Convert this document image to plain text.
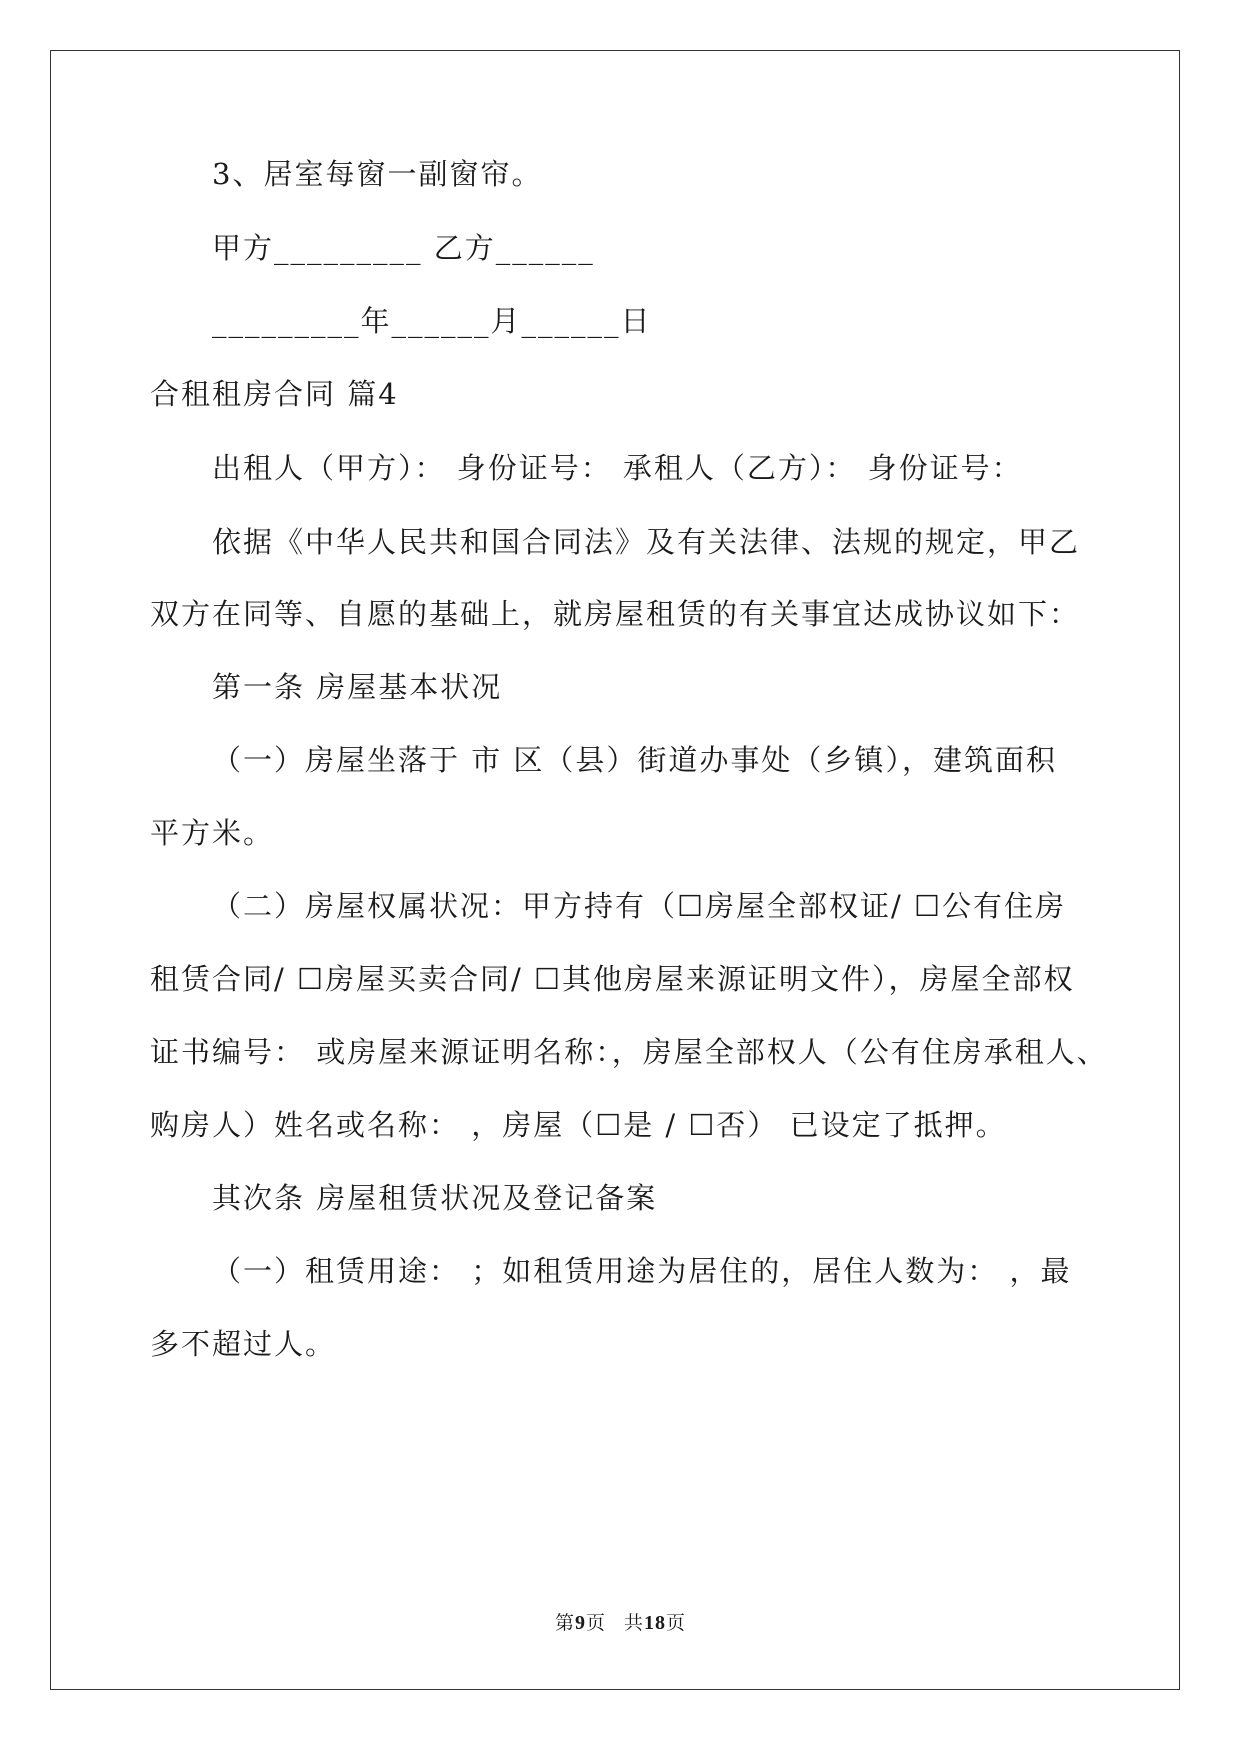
3、居室每窗一副窗帘。
甲方_________ 乙方______
_________年______月______日
合租租房合同 篇4
出租人（甲方）： 身份证号： 承租人（乙方）： 身份证号：
依据《中华人民共和国合同法》及有关法律、法规的规定，甲乙
双方在同等、自愿的基础上，就房屋租赁的有关事宜达成协议如下：
第一条 房屋基本状况
（一）房屋坐落于 市 区（县）街道办事处（乡镇），建筑面积
平方米。
（二）房屋权属状况：甲方持有（☐房屋全部权证/ ☐公有住房
租赁合同/ ☐房屋买卖合同/ ☐其他房屋来源证明文件），房屋全部权
证书编号： 或房屋来源证明名称：，房屋全部权人（公有住房承租人、
购房人）姓名或名称： ，房屋（☐是 / ☐否） 已设定了抵押。
其次条 房屋租赁状况及登记备案
（一）租赁用途： ；如租赁用途为居住的，居住人数为： ，最
多不超过人。
第9页 共18页
